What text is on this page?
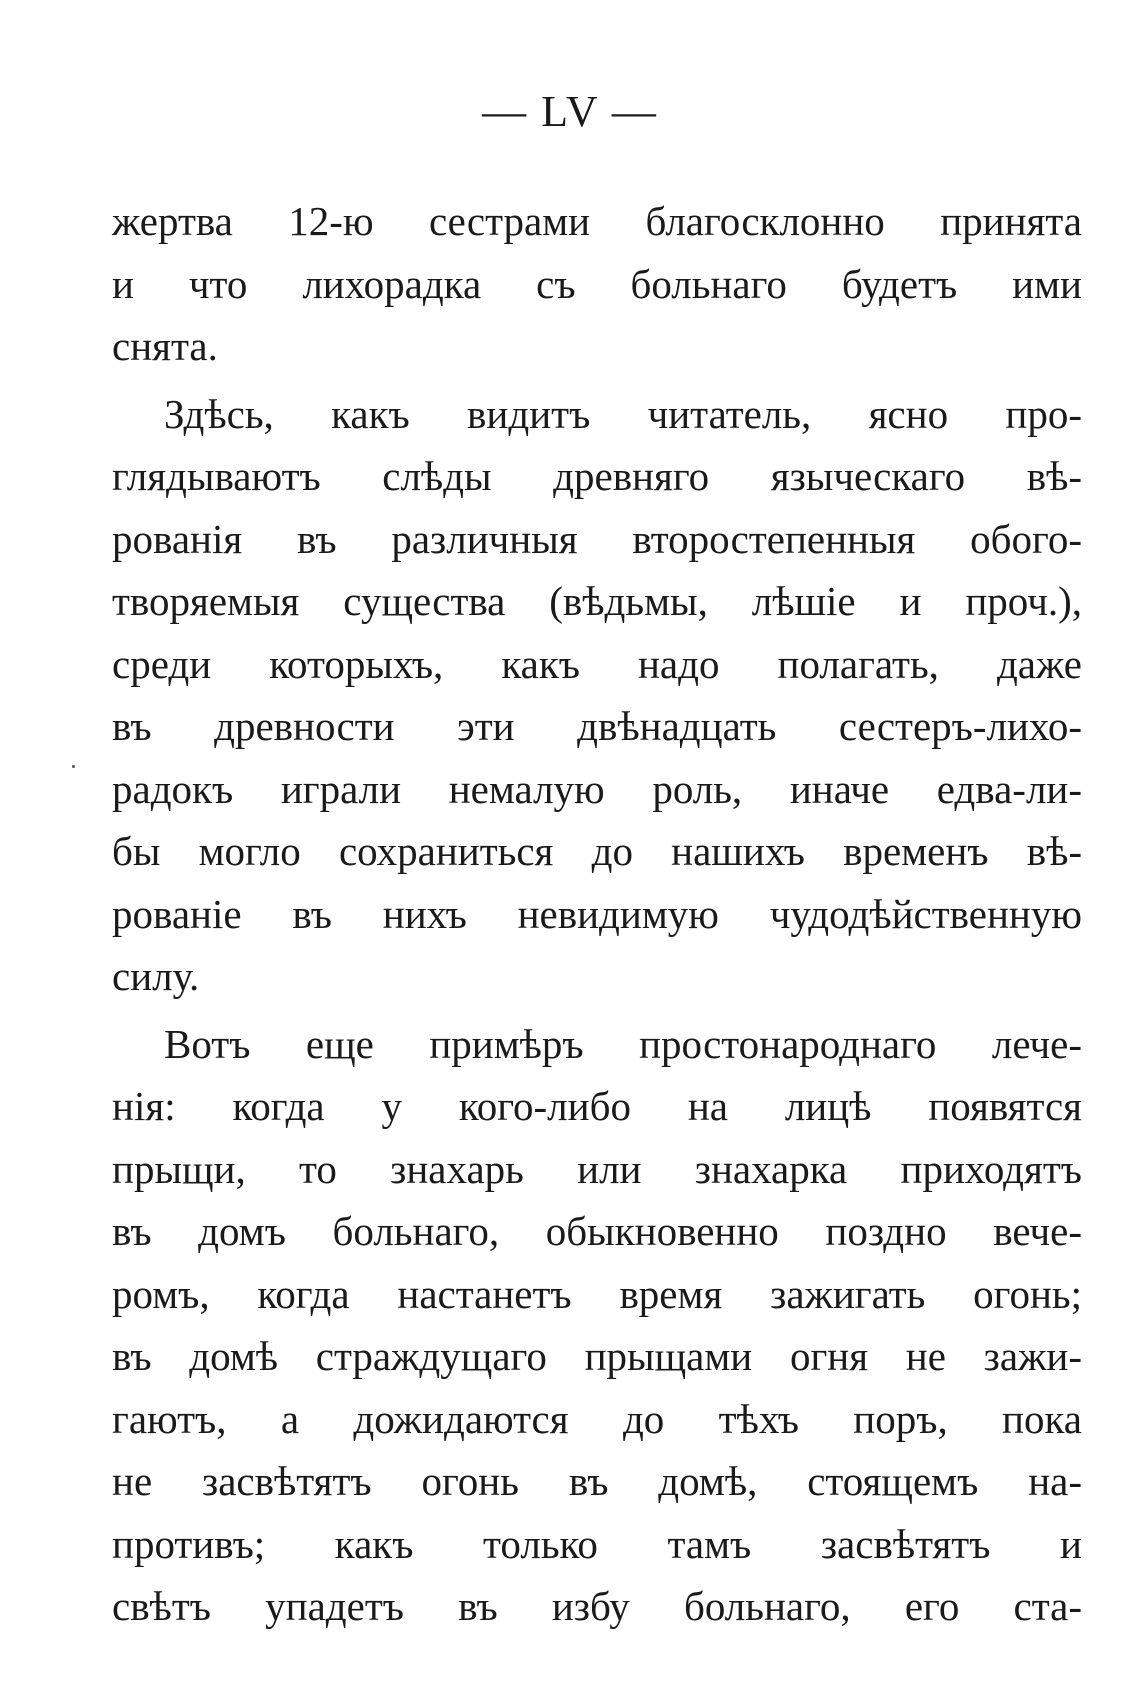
— LV —
жертва 12-ю сестрами благосклонно принята
и что лихорадка съ больнаго будетъ ими
снята.
Здѣсь, какъ видитъ читатель, ясно про-
глядываютъ слѣды древняго языческаго вѣ-
рованія въ различныя второстепенныя обого-
творяемыя существа (вѣдьмы, лѣшіе и проч.),
среди которыхъ, какъ надо полагать, даже
въ древности эти двѣнадцать сестеръ-лихо-
радокъ играли немалую роль, иначе едва-ли-
бы могло сохраниться до нашихъ временъ вѣ-
рованіе въ нихъ невидимую чудодѣйственную
силу.
Вотъ еще примѣръ простонароднаго лече-
нія: когда у кого-либо на лицѣ появятся
прыщи, то знахарь или знахарка приходятъ
въ домъ больнаго, обыкновенно поздно вече-
ромъ, когда настанетъ время зажигать огонь;
въ домѣ страждущаго прыщами огня не зажи-
гаютъ, а дожидаются до тѣхъ поръ, пока
не засвѣтятъ огонь въ домѣ, стоящемъ на-
противъ; какъ только тамъ засвѣтятъ и
свѣтъ упадетъ въ избу больнаго, его ста-
